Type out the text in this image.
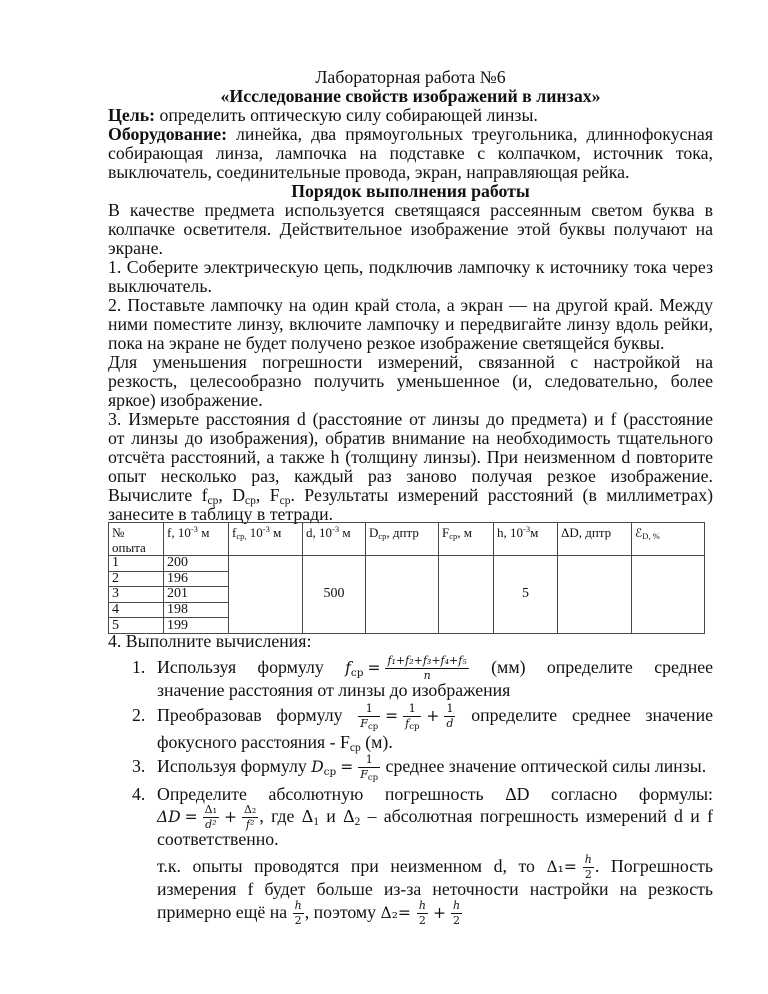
Лабораторная работа №6
«Исследование свойств изображений в линзах»
Цель: определить оптическую силу собирающей линзы.
Оборудование: линейка, два прямоугольных треугольника, длиннофокусная
собирающая линза, лампочка на подставке с колпачком, источник тока,
выключатель, соединительные провода, экран, направляющая рейка.
Порядок выполнения работы
В качестве предмета используется светящаяся рассеянным светом буква в
колпачке осветителя. Действительное изображение этой буквы получают на
экране.
1. Соберите электрическую цепь, подключив лампочку к источнику тока через
выключатель.
2. Поставьте лампочку на один край стола, а экран — на другой край. Между
ними поместите линзу, включите лампочку и передвигайте линзу вдоль рейки,
пока на экране не будет получено резкое изображение светящейся буквы.
Для уменьшения погрешности измерений, связанной с настройкой на
резкость, целесообразно получить уменьшенное (и, следовательно, более
яркое) изображение.
3. Измерьте расстояния d (расстояние от линзы до предмета) и f (расстояние
от линзы до изображения), обратив внимание на необходимость тщательного
отсчёта расстояний, а также h (толщину линзы). При неизменном d повторите
опыт несколько раз, каждый раз заново получая резкое изображение.
Вычислите fср, Dср, Fср. Результаты измерений расстояний (в миллиметрах)
занесите в таблицу в тетради.
№
опыта	f, $10^{-3}$ м	fср, $10^{-3}$ м	d, $10^{-3}$ м	Dср, дптр	Fср, м	h, $10^{-3}м$	ΔD, дптр	ℰD, %
1	200		500			5		
2	196							
3	201							
4	198							
5	199							
4. Выполните вычисления:
1. Используя формулу fср = $\frac{\text{f₁+f₂+f₃+f₄+f₅}}{n} (мм)$ определите среднее
значение расстояния от линзы до изображения
2. Преобразовав формулу $\frac{1}{\text{Fср}} = \frac{1}{\text{fср}} + \frac{1}{d}$ определите среднее значение
фокусного расстояния - Fср (м).
3. Используя формулу Dср = $\frac{1}{\text{Fср}}$ среднее значение оптической силы линзы.
4. Определите абсолютную погрешность ΔD согласно формулы:
$\Delta D = \frac{\text{Δ₁}}{\text{d²}} + \frac{\text{Δ₂}}{\text{f²}}$ , где Δ1 и Δ2 – абсолютная погрешность измерений d и f
соответственно.
т.к. опыты проводятся при неизменном d, то $\Delta_1= \frac{h}{2}$ . Погрешность
измерения f будет больше из-за неточности настройки на резкость
примерно ещё на $\frac{h}{2}$ , поэтому $\Delta_2= \frac{h}{2} + \frac{h}{2}$
